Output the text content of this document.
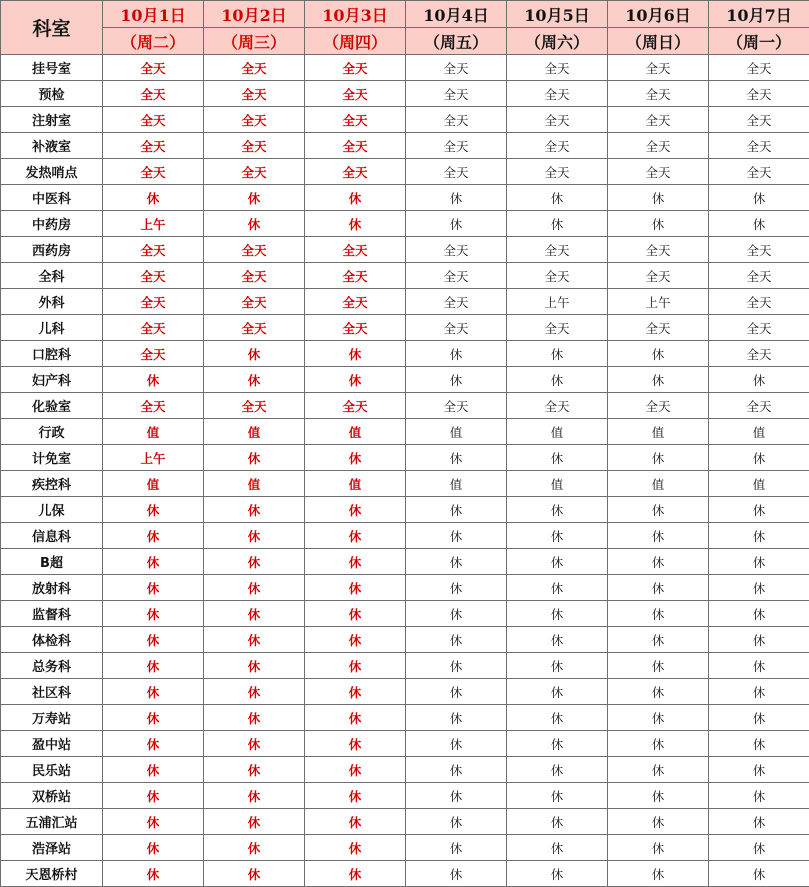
科室	10月1日	10月2日	10月3日	10月4日	10月5日	10月6日	10月7日
	（周二）	（周三）	（周四）	（周五）	（周六）	（周日）	（周一）
挂号室	全天	全天	全天	全天	全天	全天	全天
预检	全天	全天	全天	全天	全天	全天	全天
注射室	全天	全天	全天	全天	全天	全天	全天
补液室	全天	全天	全天	全天	全天	全天	全天
发热哨点	全天	全天	全天	全天	全天	全天	全天
中医科	休	休	休	休	休	休	休
中药房	上午	休	休	休	休	休	休
西药房	全天	全天	全天	全天	全天	全天	全天
全科	全天	全天	全天	全天	全天	全天	全天
外科	全天	全天	全天	全天	上午	上午	全天
儿科	全天	全天	全天	全天	全天	全天	全天
口腔科	全天	休	休	休	休	休	全天
妇产科	休	休	休	休	休	休	休
化验室	全天	全天	全天	全天	全天	全天	全天
行政	值	值	值	值	值	值	值
计免室	上午	休	休	休	休	休	休
疾控科	值	值	值	值	值	值	值
儿保	休	休	休	休	休	休	休
信息科	休	休	休	休	休	休	休
B超	休	休	休	休	休	休	休
放射科	休	休	休	休	休	休	休
监督科	休	休	休	休	休	休	休
体检科	休	休	休	休	休	休	休
总务科	休	休	休	休	休	休	休
社区科	休	休	休	休	休	休	休
万寿站	休	休	休	休	休	休	休
盈中站	休	休	休	休	休	休	休
民乐站	休	休	休	休	休	休	休
双桥站	休	休	休	休	休	休	休
五浦汇站	休	休	休	休	休	休	休
浩泽站	休	休	休	休	休	休	休
天恩桥村	休	休	休	休	休	休	休
